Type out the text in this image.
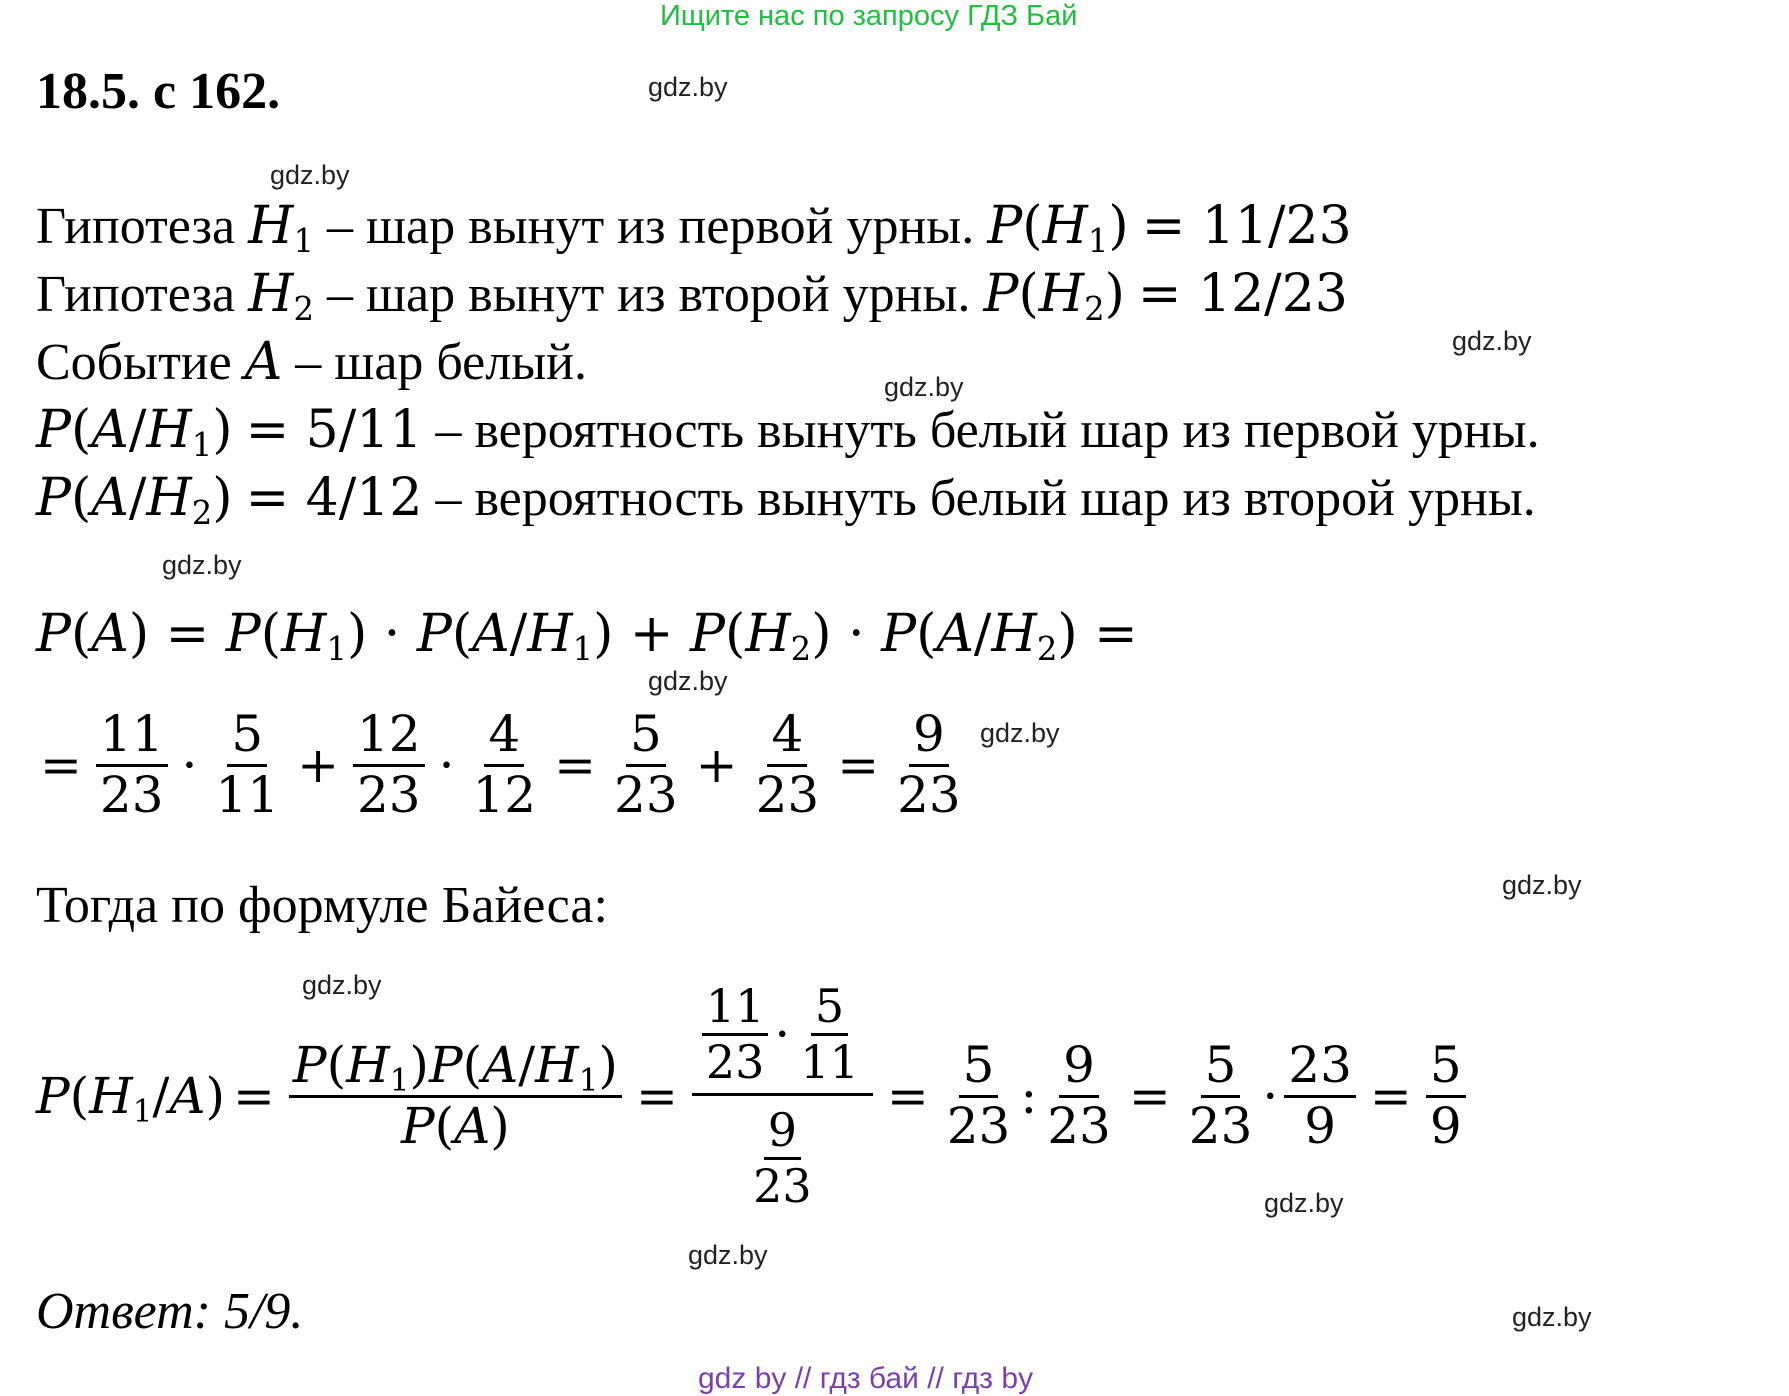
Ищите нас по запросу ГДЗ Бай
18.5. с 162.	gdz.by
gdz.by
gdz.by
gdz.by
gdz.by
gdz.by
gdz.by
gdz.by
gdz.by
gdz.by
gdz.by
gdz.by
Гипотеза $H_1$ – шар вынут из первой урны. $P(H_1) = 11/23$
Гипотеза $H_2$ – шар вынут из второй урны. $P(H_2) = 12/23$
Событие A – шар белый.
$P(A/H_1) = 5/11$ – вероятность вынуть белый шар из первой урны.
$P(A/H_2) = 4/12$ – вероятность вынуть белый шар из второй урны.
$P(A) = P(H_1) \cdot P(A/H_1) + P(H_2) \cdot P(A/H_2)$ =
= $\frac{11}{23} \cdot \frac{5}{11} + \frac{12}{23} \cdot \frac{4}{12} = \frac{5}{23} + \frac{4}{23} = \frac{9}{23}$
Тогда по формуле Байеса:
$P(H_1/A) = \frac{P(H_1)P(A/H_1)}{P(A)} = \frac{\frac{11}{23} \cdot \frac{5}{11}}{\frac{9}{23}} = \frac{5}{23}$ : $\frac{9}{23} = \frac{5}{23} \cdot \frac{23}{9} = \frac{5}{9}$
Ответ: 5/9.
gdz by // гдз бай // гдз by
